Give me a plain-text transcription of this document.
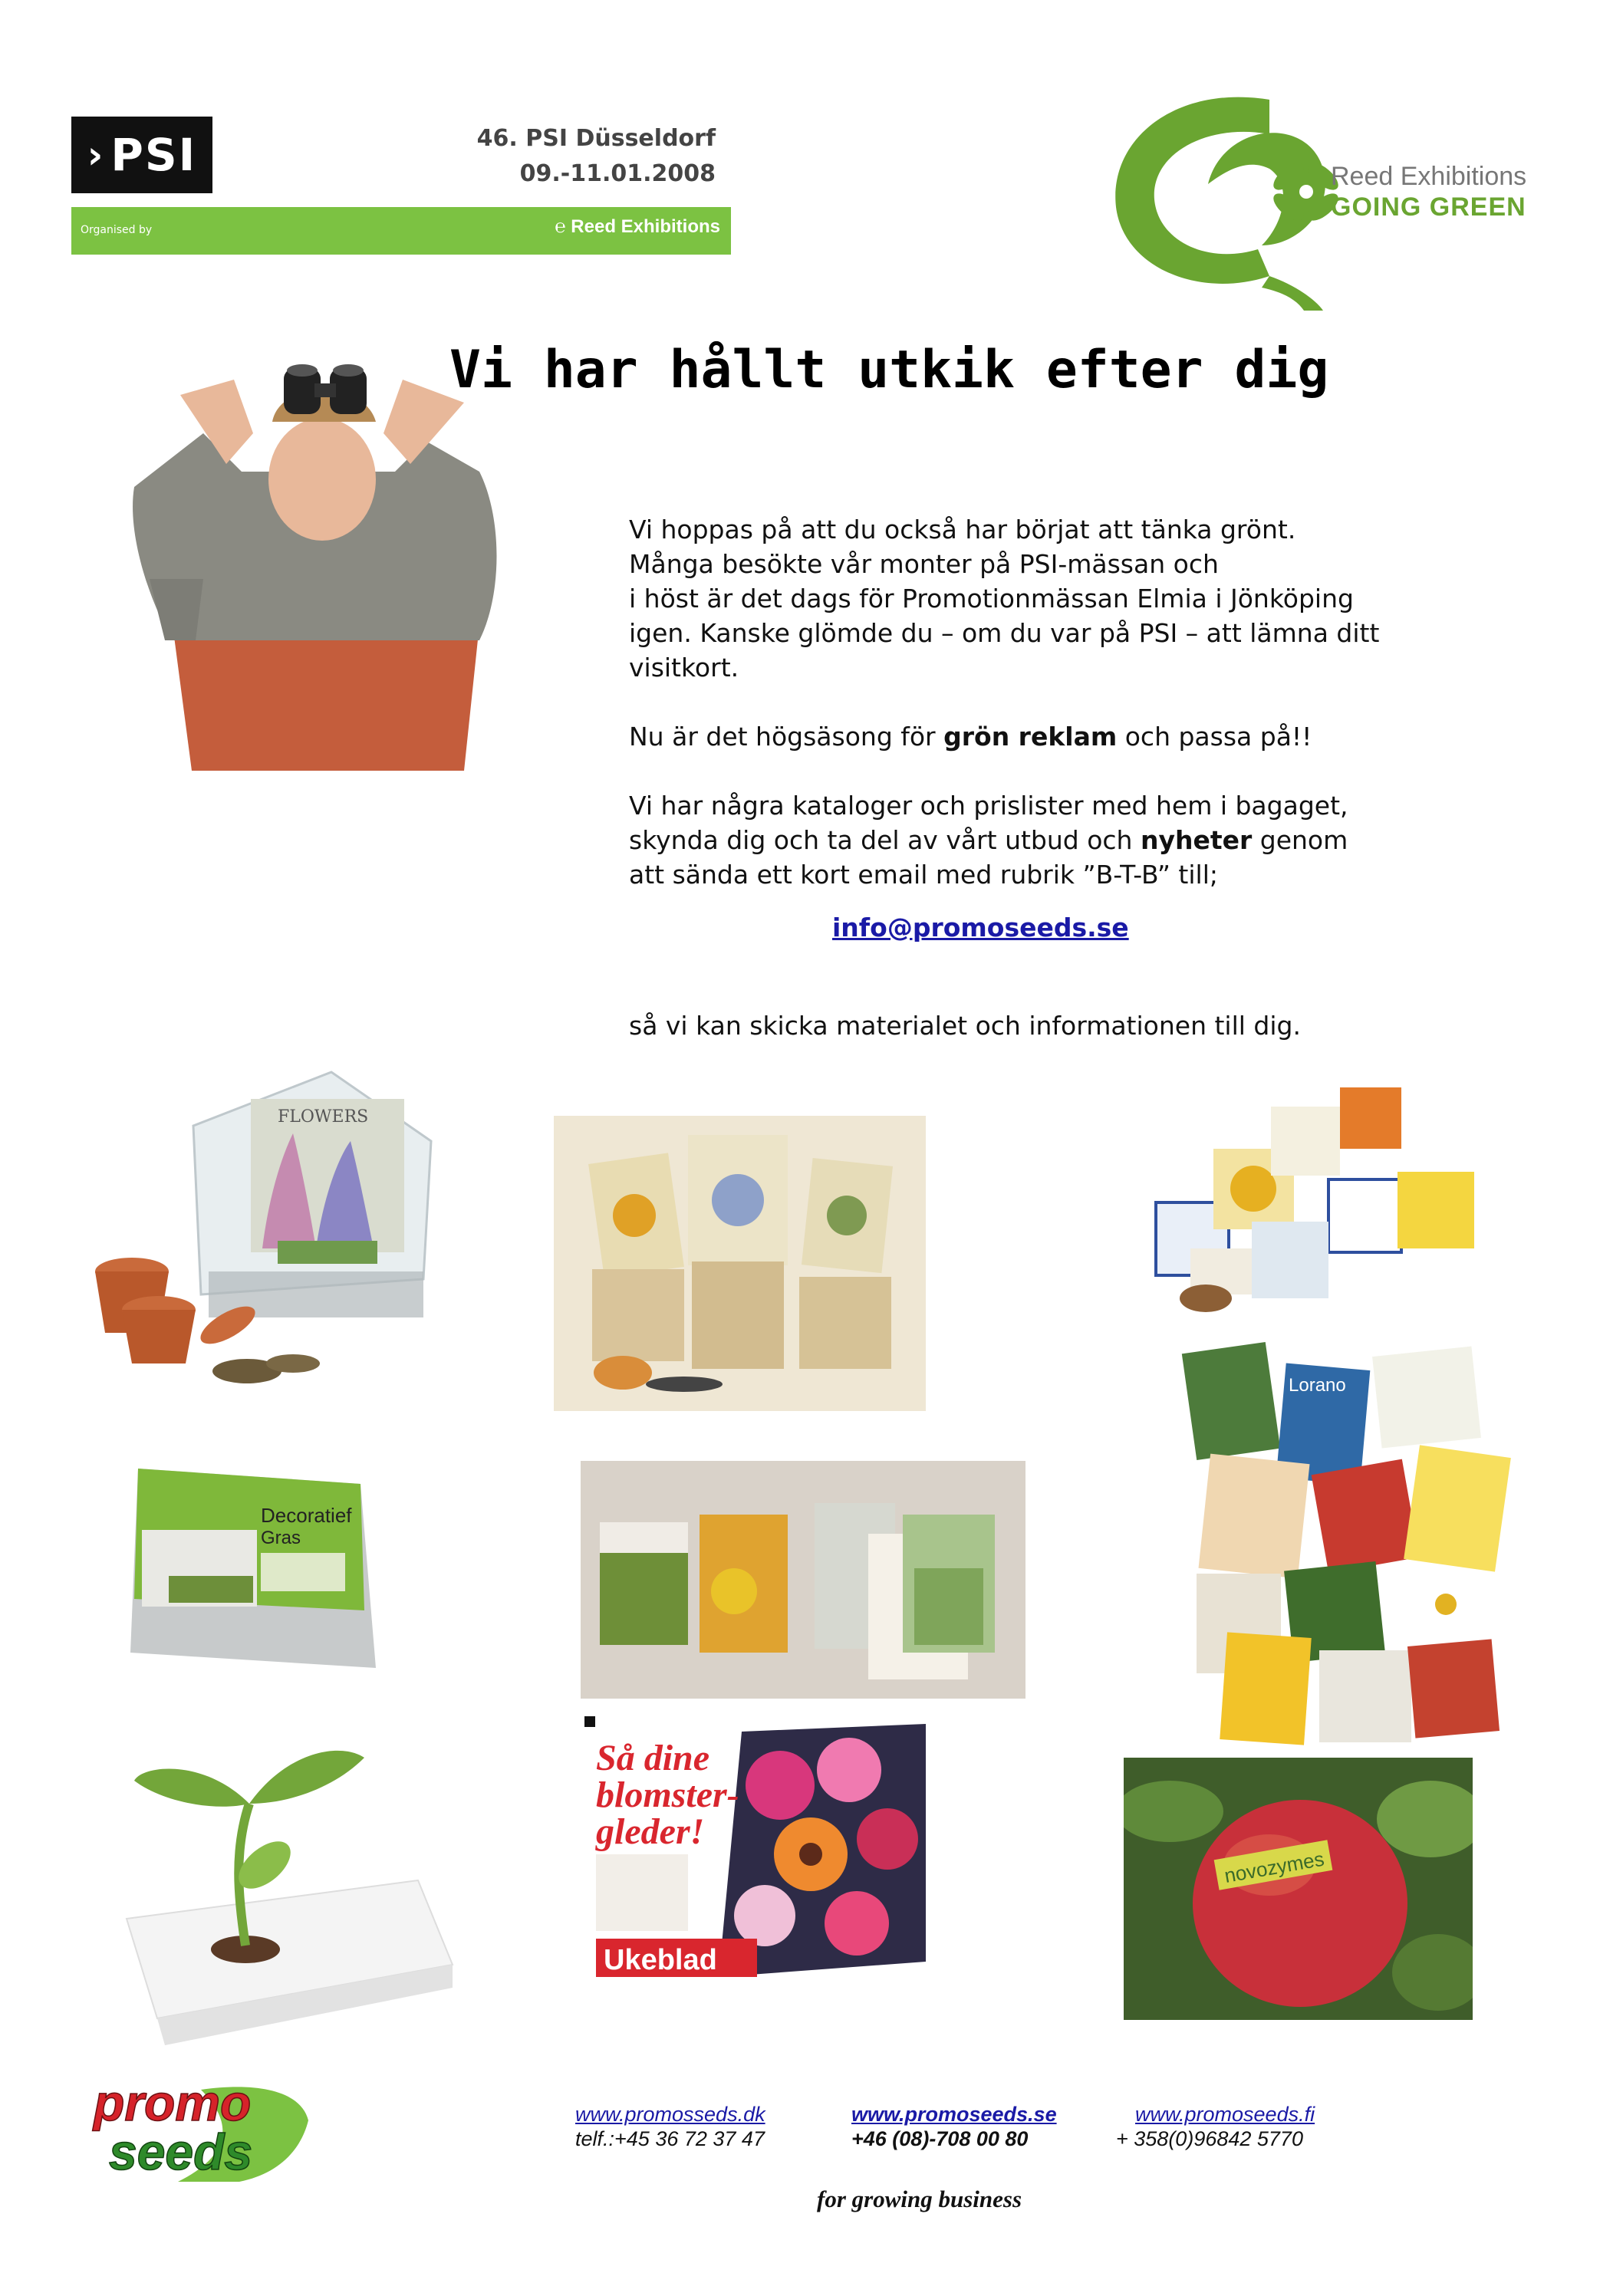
› PSI	46. PSI Düsseldorf
09.-11.01.2008
Organised by	℮ Reed Exhibitions
Reed Exhibitions
GOING GREEN
Vi har hållt utkik efter dig

Vi hoppas på att du också har börjat att tänka grönt.

Många besökte vår monter på PSI-mässan och

i höst är det dags för Promotionmässan Elmia i Jönköping

igen. Kanske glömde du – om du var på PSI – att lämna ditt

visitkort.

Nu är det högsäsong för grön reklam och passa på!!

Vi har några kataloger och prislister med hem i bagaget,

skynda dig och ta del av vårt utbud och nyheter genom

att sända ett kort email med rubrik ”B-T-B” till;

info@promoseeds.se
så vi kan skicka materialet och informationen till dig.
FLOWERS
Decoratief
Gras
Lorano
Så dine
blomster-
gleder!
Ukeblad
novozymes
promo
seeds
www.promosseds.dk
telf.:+45 36 72 37 47
www.promoseeds.se
+46 (08)-708 00 80
www.promoseeds.fi
+ 358(0)96842 5770
for growing business
